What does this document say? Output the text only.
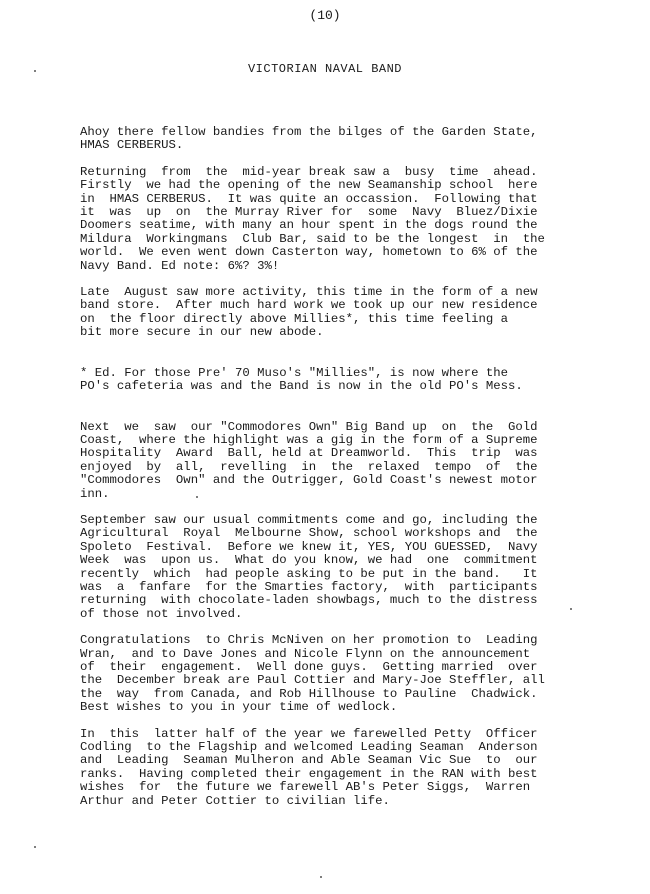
(10)
VICTORIAN NAVAL BAND

Ahoy there fellow bandies from the bilges of the Garden State,
HMAS CERBERUS.

Returning  from  the  mid-year break saw a  busy  time  ahead.
Firstly  we had the opening of the new Seamanship school  here
in  HMAS CERBERUS.  It was quite an occassion.  Following that
it  was  up  on  the Murray River for  some  Navy  Bluez/Dixie
Doomers seatime, with many an hour spent in the dogs round the
Mildura  Workingmans  Club Bar, said to be the longest  in  the
world.  We even went down Casterton way, hometown to 6% of the
Navy Band. Ed note: 6%? 3%!

Late  August saw more activity, this time in the form of a new
band store.  After much hard work we took up our new residence
on  the floor directly above Millies*, this time feeling a
bit more secure in our new abode.

* Ed. For those Pre' 70 Muso's "Millies", is now where the
PO's cafeteria was and the Band is now in the old PO's Mess.

Next  we  saw  our "Commodores Own" Big Band up  on  the  Gold
Coast,  where the highlight was a gig in the form of a Supreme
Hospitality  Award  Ball, held at Dreamworld.  This  trip  was
enjoyed  by  all,  revelling  in  the  relaxed  tempo  of  the
"Commodores  Own" and the Outrigger, Gold Coast's newest motor
inn.

September saw our usual commitments come and go, including the
Agricultural  Royal  Melbourne Show, school workshops and  the
Spoleto  Festival.  Before we knew it, YES, YOU GUESSED,  Navy
Week  was  upon us.  What do you know, we had  one  commitment
recently  which  had people asking to be put in the band.   It
was  a  fanfare  for the Smarties factory,  with  participants
returning  with chocolate-laden showbags, much to the distress
of those not involved.

Congratulations  to Chris McNiven on her promotion to  Leading
Wran,  and to Dave Jones and Nicole Flynn on the announcement
of  their  engagement.  Well done guys.  Getting married  over
the  December break are Paul Cottier and Mary-Joe Steffler, all
the  way  from Canada, and Rob Hillhouse to Pauline  Chadwick.
Best wishes to you in your time of wedlock.

In  this  latter half of the year we farewelled Petty  Officer
Codling  to the Flagship and welcomed Leading Seaman  Anderson
and  Leading  Seaman Mulheron and Able Seaman Vic Sue  to  our
ranks.  Having completed their engagement in the RAN with best
wishes  for  the future we farewell AB's Peter Siggs,  Warren
Arthur and Peter Cottier to civilian life.
